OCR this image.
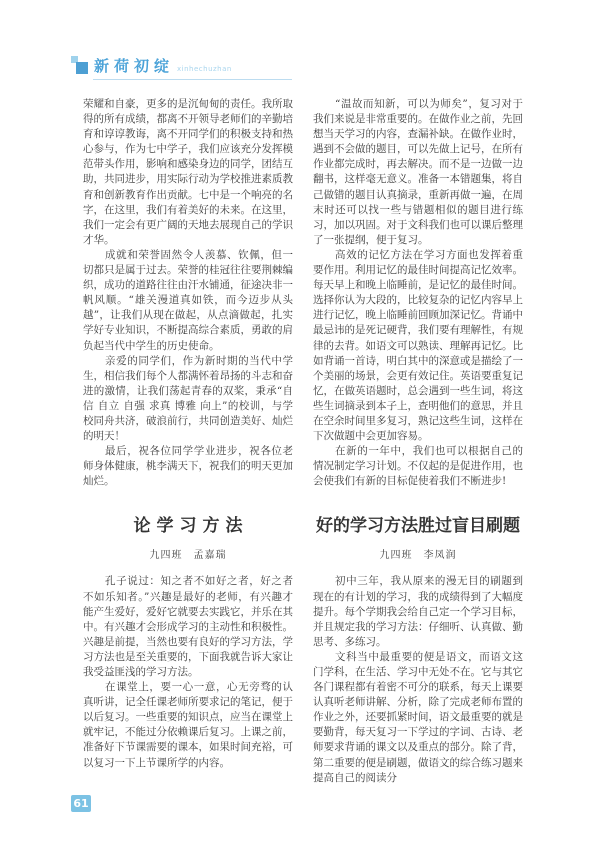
新荷初绽 xinhechuzhan

荣耀和自豪，更多的是沉甸甸的责任。我所取得的所有成绩，都离不开领导老师们的辛勤培育和谆谆教诲，离不开同学们的积极支持和热心参与，作为七中学子，我们应该充分发挥模范带头作用，影响和感染身边的同学，团结互助，共同进步，用实际行动为学校推进素质教育和创新教育作出贡献。七中是一个响亮的名字，在这里，我们有着美好的未来。在这里，我们一定会有更广阔的天地去展现自己的学识才华。

成就和荣誉固然令人羡慕、钦佩，但一切都只是属于过去。荣誉的桂冠往往要荆棘编织，成功的道路往往由汗水铺通，征途决非一帆风顺。“雄关漫道真如铁，而今迈步从头越”，让我们从现在做起，从点滴做起，扎实学好专业知识，不断提高综合素质，勇敢的肩负起当代中学生的历史使命。

亲爱的同学们，作为新时期的当代中学生，相信我们每个人都满怀着昂扬的斗志和奋进的激情，让我们荡起青春的双桨，秉承“自信 自立 自强 求真 博雅 向上”的校训，与学校同舟共济，破浪前行，共同创造美好、灿烂的明天！

最后，祝各位同学学业进步，祝各位老师身体健康，桃李满天下，祝我们的明天更加灿烂。

论学习方法
九四班　孟嘉瑞

孔子说过：知之者不如好之者，好之者不如乐知者。”兴趣是最好的老师，有兴趣才能产生爱好，爱好它就要去实践它，并乐在其中。有兴趣才会形成学习的主动性和积极性。兴趣是前提，当然也要有良好的学习方法，学习方法也是至关重要的，下面我就告诉大家让我受益匪浅的学习方法。

在课堂上，要一心一意，心无旁骛的认真听讲，记全任课老师所要求记的笔记，便于以后复习。一些重要的知识点，应当在课堂上就牢记，不能过分依赖课后复习。上课之前，准备好下节课需要的课本，如果时间充裕，可以复习一下上节课所学的内容。

“温故而知新，可以为师矣”，复习对于我们来说是非常重要的。在做作业之前，先回想当天学习的内容，查漏补缺。在做作业时，遇到不会做的题目，可以先做上记号，在所有作业都完成时，再去解决。而不是一边做一边翻书，这样毫无意义。准备一本错题集，将自己做错的题目认真摘录，重新再做一遍，在周末时还可以找一些与错题相似的题目进行练习，加以巩固。对于文科我们也可以课后整理了一张提纲，便于复习。

高效的记忆方法在学习方面也发挥着重要作用。利用记忆的最佳时间提高记忆效率。每天早上和晚上临睡前，是记忆的最佳时间。选择你认为大段的，比较复杂的记忆内容早上进行记忆，晚上临睡前回顾加深记忆。背诵中最忌讳的是死记硬背，我们要有理解性，有规律的去背。如语文可以熟读、理解再记忆。比如背诵一首诗，明白其中的深意或是描绘了一个美丽的场景，会更有效记住。英语要重复记忆，在做英语题时，总会遇到一些生词，将这些生词摘录到本子上，查明他们的意思，并且在空余时间里多复习，熟记这些生词，这样在下次做题中会更加容易。

在新的一年中，我们也可以根据自己的情况制定学习计划。不仅起的是促进作用，也会使我们有新的目标促使着我们不断进步!

好的学习方法胜过盲目刷题
九四班　李凤润

初中三年，我从原来的漫无目的刷题到现在的有计划的学习，我的成绩得到了大幅度提升。每个学期我会给自己定一个学习目标，并且规定我的学习方法：仔细听、认真做、勤思考、多练习。

文科当中最重要的便是语文，而语文这门学科，在生活、学习中无处不在。它与其它各门课程都有着密不可分的联系，每天上课要认真听老师讲解、分析，除了完成老师布置的作业之外，还要抓紧时间，语文最重要的就是要勤背，每天复习一下学过的字词、古诗、老师要求背诵的课文以及重点的部分。除了背，第二重要的便是刷题，做语文的综合练习题来提高自己的阅读分

61
